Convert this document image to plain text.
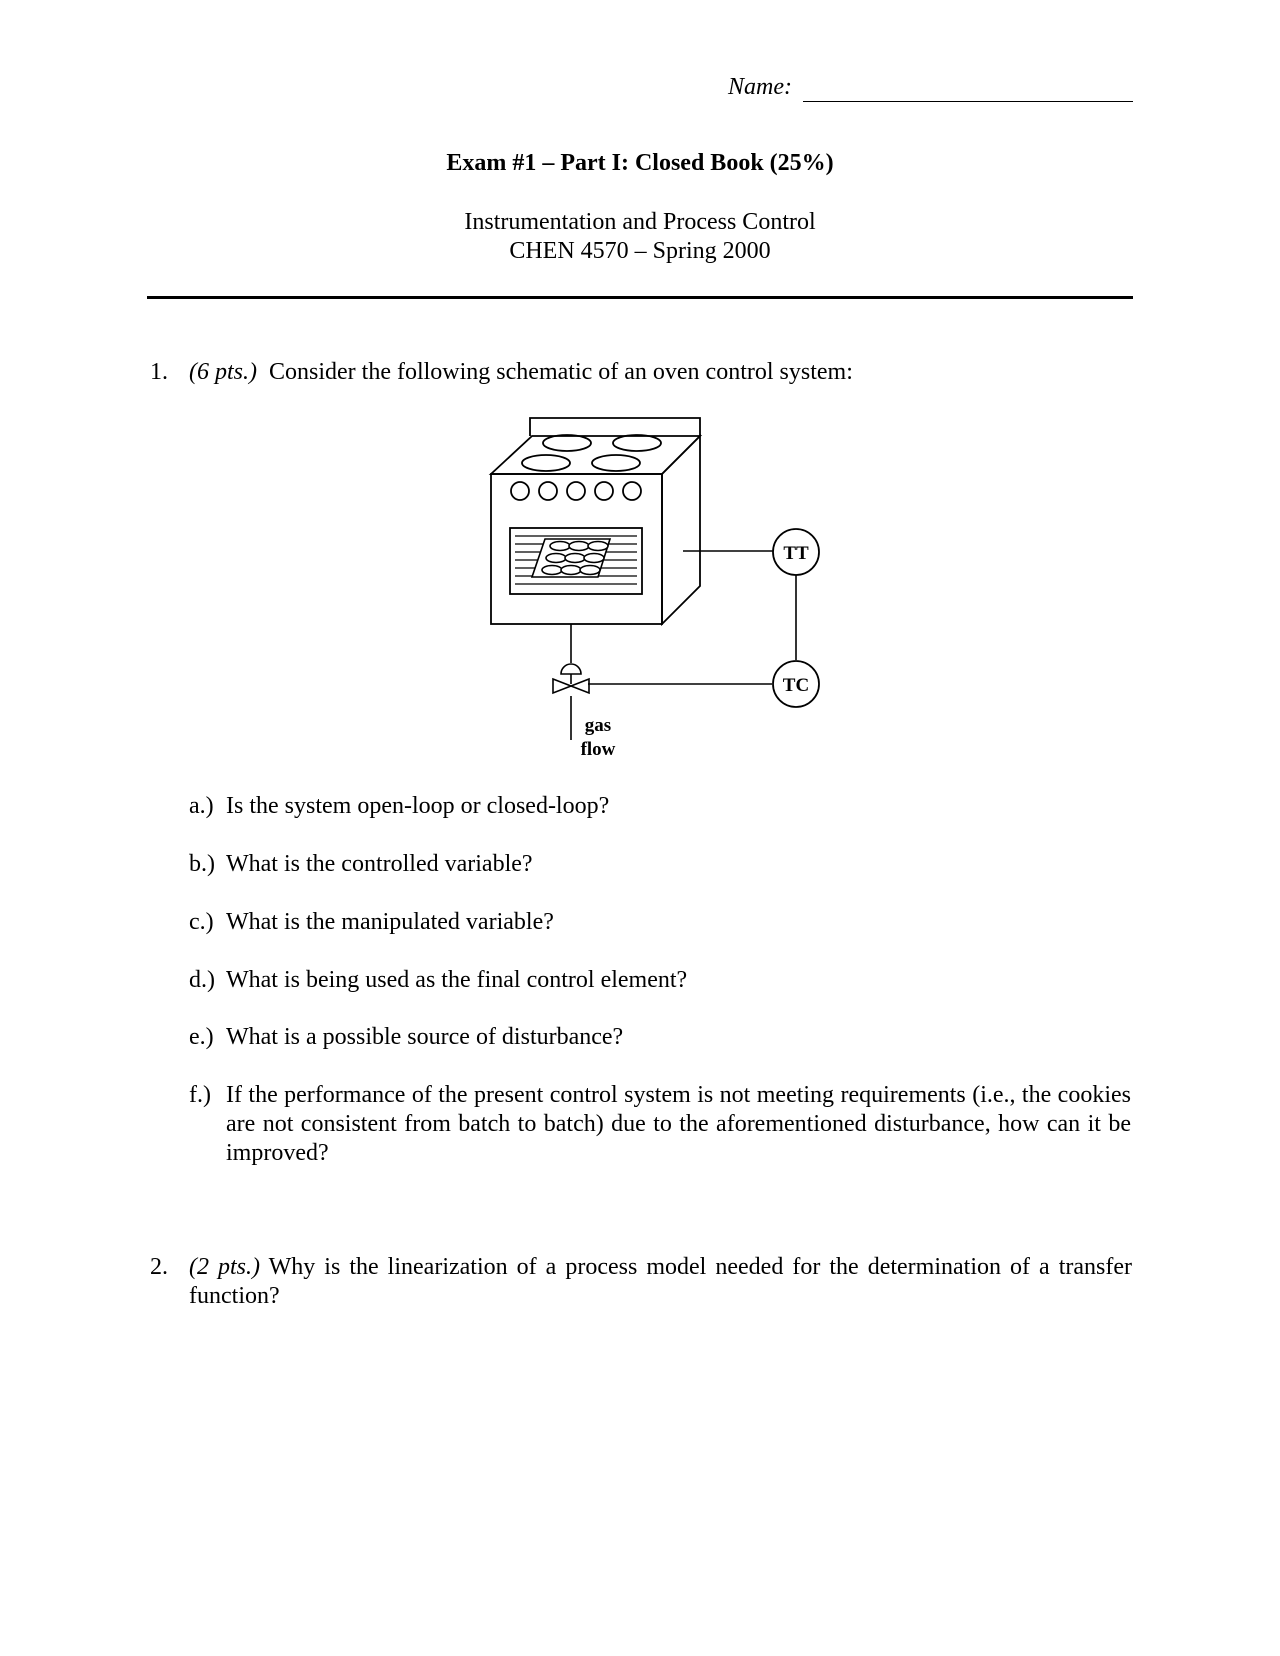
Name:
Exam #1 – Part I: Closed Book (25%)
Instrumentation and Process Control
CHEN 4570 – Spring 2000
1. (6 pts.) Consider the following schematic of an oven control system:
TT
TC
gas
flow
a.) Is the system open-loop or closed-loop?
b.) What is the controlled variable?
c.) What is the manipulated variable?
d.) What is being used as the final control element?
e.) What is a possible source of disturbance?
f.) If the performance of the present control system is not meeting requirements (i.e., the cookies are not consistent from batch to batch) due to the aforementioned disturbance, how can it be improved?
2. (2 pts.) Why is the linearization of a process model needed for the determination of a transfer function?
